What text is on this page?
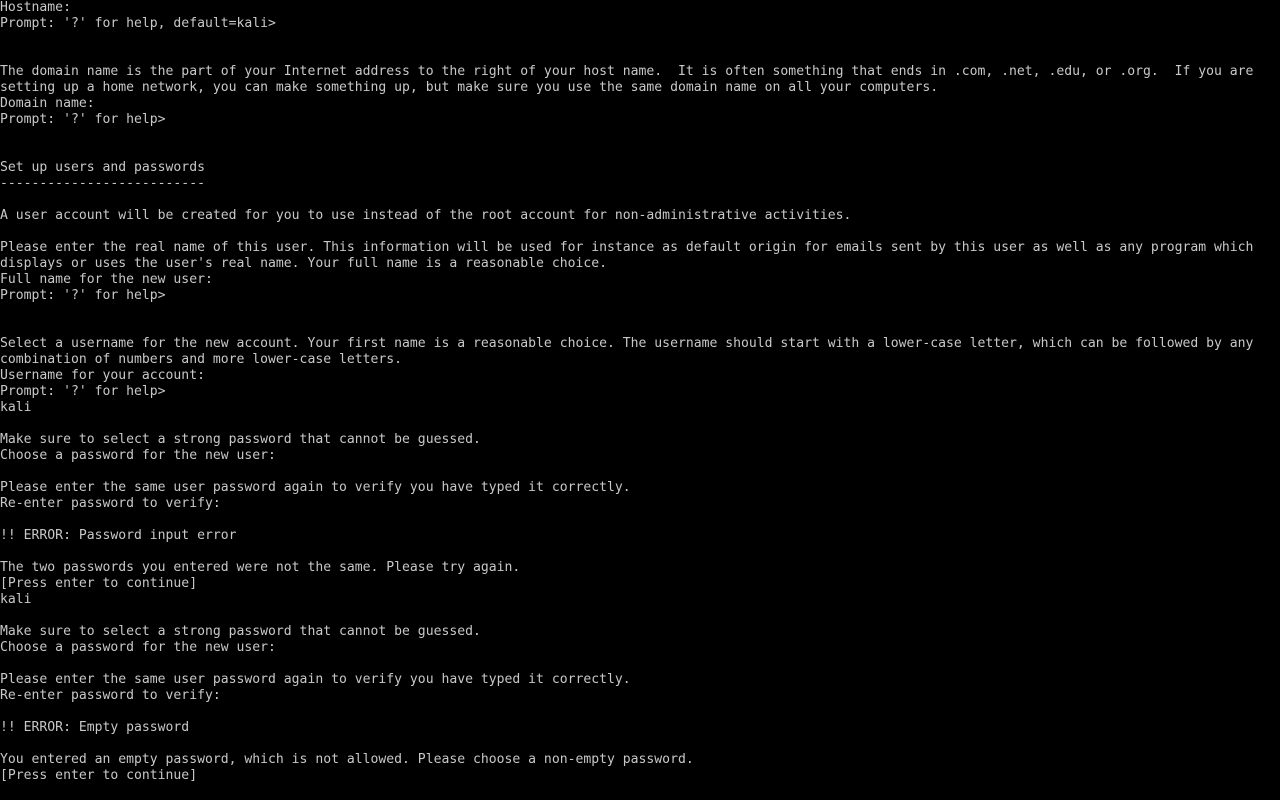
Hostname:
Prompt: '?' for help, default=kali>
The domain name is the part of your Internet address to the right of your host name.  It is often something that ends in .com, .net, .edu, or .org.  If you are
setting up a home network, you can make something up, but make sure you use the same domain name on all your computers.
Domain name:
Prompt: '?' for help>
Set up users and passwords
--------------------------
A user account will be created for you to use instead of the root account for non-administrative activities.
Please enter the real name of this user. This information will be used for instance as default origin for emails sent by this user as well as any program which
displays or uses the user's real name. Your full name is a reasonable choice.
Full name for the new user:
Prompt: '?' for help>
Select a username for the new account. Your first name is a reasonable choice. The username should start with a lower-case letter, which can be followed by any
combination of numbers and more lower-case letters.
Username for your account:
Prompt: '?' for help>
kali
Make sure to select a strong password that cannot be guessed.
Choose a password for the new user:
Please enter the same user password again to verify you have typed it correctly.
Re-enter password to verify:
!! ERROR: Password input error
The two passwords you entered were not the same. Please try again.
[Press enter to continue]
kali
Make sure to select a strong password that cannot be guessed.
Choose a password for the new user:
Please enter the same user password again to verify you have typed it correctly.
Re-enter password to verify:
!! ERROR: Empty password
You entered an empty password, which is not allowed. Please choose a non-empty password.
[Press enter to continue]
